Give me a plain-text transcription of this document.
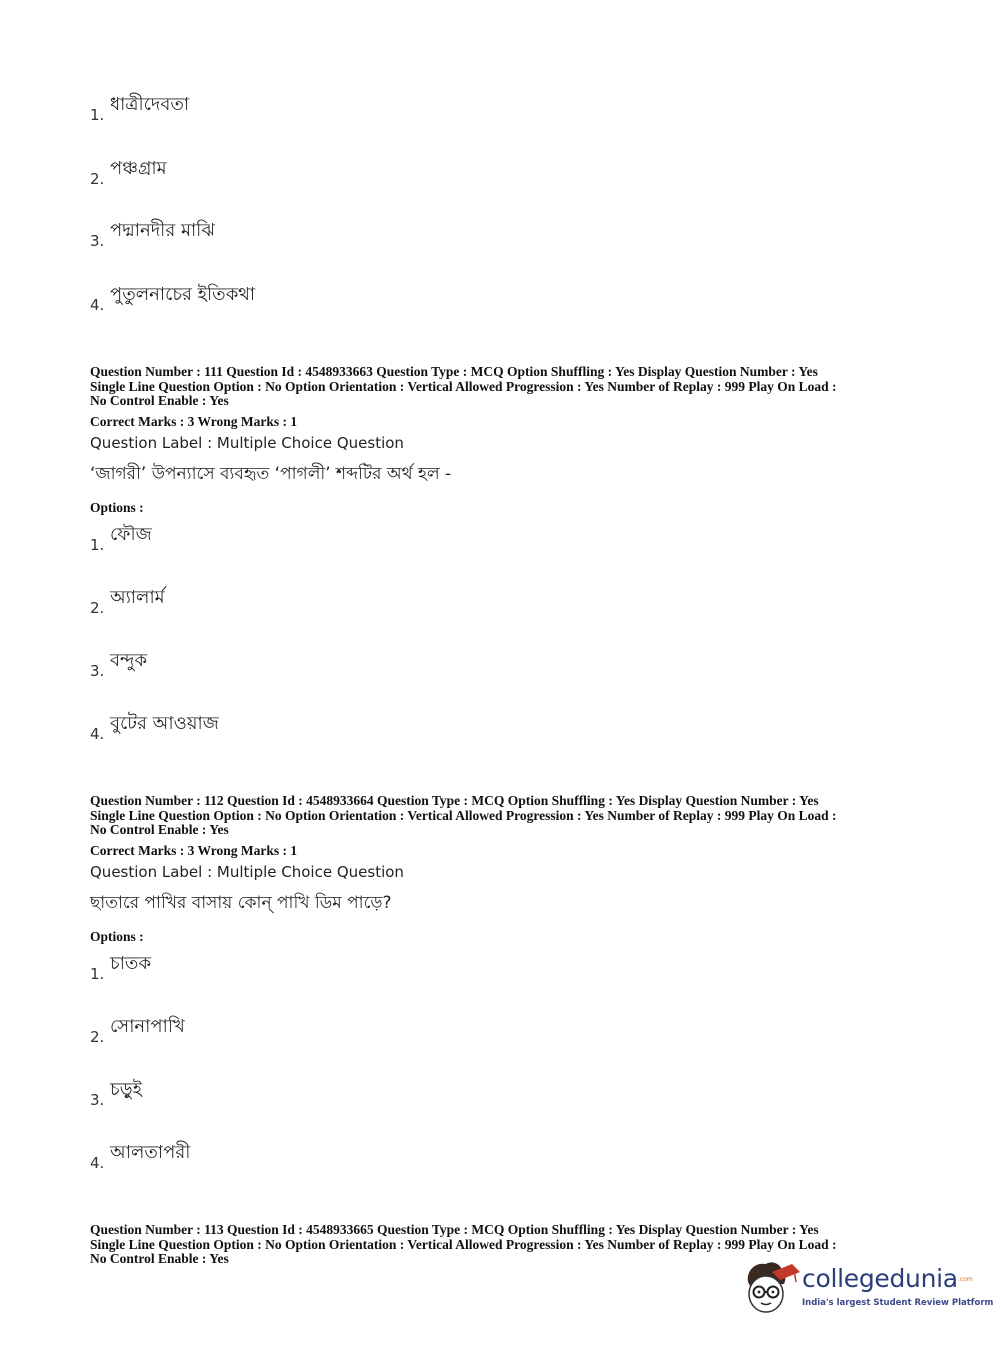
1. ধাত্রীদেবতা
2. পঞ্চগ্রাম
3. পদ্মানদীর মাঝি
4. পুতুলনাচের ইতিকথা
Question Number : 111 Question Id : 4548933663 Question Type : MCQ Option Shuffling : Yes Display Question Number : Yes
Single Line Question Option : No Option Orientation : Vertical Allowed Progression : Yes Number of Replay : 999 Play On Load :
No Control Enable : Yes
Correct Marks : 3 Wrong Marks : 1
Question Label : Multiple Choice Question
‘জাগরী’ উপন্যাসে ব্যবহৃত ‘পাগলী’ শব্দটির অর্থ হল -
Options :
1. ফৌজ
2. অ্যালার্ম
3. বন্দুক
4. বুটের আওয়াজ
Question Number : 112 Question Id : 4548933664 Question Type : MCQ Option Shuffling : Yes Display Question Number : Yes
Single Line Question Option : No Option Orientation : Vertical Allowed Progression : Yes Number of Replay : 999 Play On Load :
No Control Enable : Yes
Correct Marks : 3 Wrong Marks : 1
Question Label : Multiple Choice Question
ছাতারে পাখির বাসায় কোন্ পাখি ডিম পাড়ে?
Options :
1. চাতক
2. সোনাপাখি
3. চড়ুই
4. আলতাপরী
Question Number : 113 Question Id : 4548933665 Question Type : MCQ Option Shuffling : Yes Display Question Number : Yes
Single Line Question Option : No Option Orientation : Vertical Allowed Progression : Yes Number of Replay : 999 Play On Load :
No Control Enable : Yes
collegedunia .com
India's largest Student Review Platform
